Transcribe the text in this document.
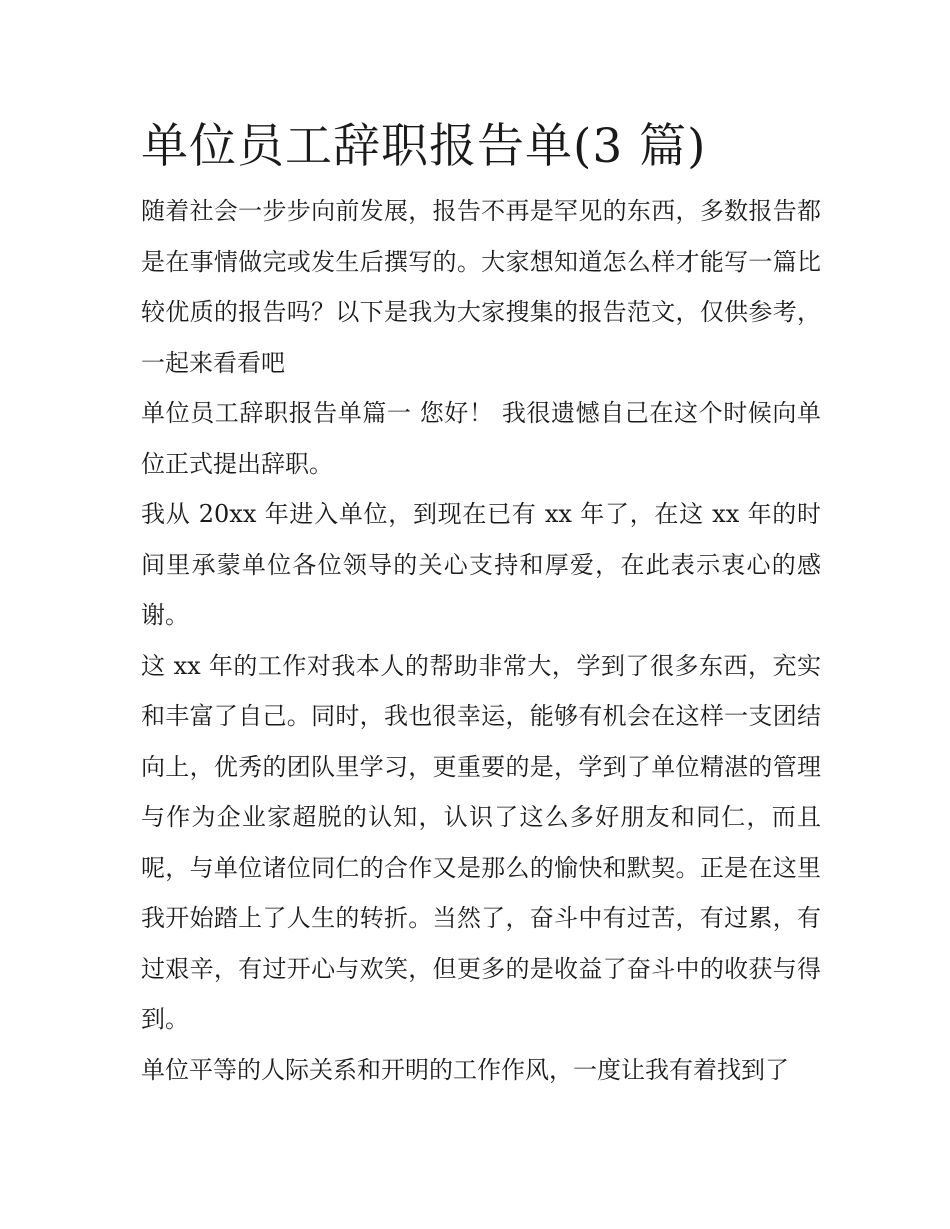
单位员工辞职报告单(3 篇)

随着社会一步步向前发展，报告不再是罕见的东西，多数报告都是在事情做完或发生后撰写的。大家想知道怎么样才能写一篇比较优质的报告吗？以下是我为大家搜集的报告范文，仅供参考，一起来看看吧

单位员工辞职报告单篇一 您好！ 我很遗憾自己在这个时候向单位正式提出辞职。

我从 20xx 年进入单位，到现在已有 xx 年了，在这 xx 年的时间里承蒙单位各位领导的关心支持和厚爱，在此表示衷心的感谢。

这 xx 年的工作对我本人的帮助非常大，学到了很多东西，充实和丰富了自己。同时，我也很幸运，能够有机会在这样一支团结向上，优秀的团队里学习，更重要的是，学到了单位精湛的管理与作为企业家超脱的认知，认识了这么多好朋友和同仁，而且呢，与单位诸位同仁的合作又是那么的愉快和默契。正是在这里我开始踏上了人生的转折。当然了，奋斗中有过苦，有过累，有过艰辛，有过开心与欢笑，但更多的是收益了奋斗中的收获与得到。

单位平等的人际关系和开明的工作作风，一度让我有着找到了
